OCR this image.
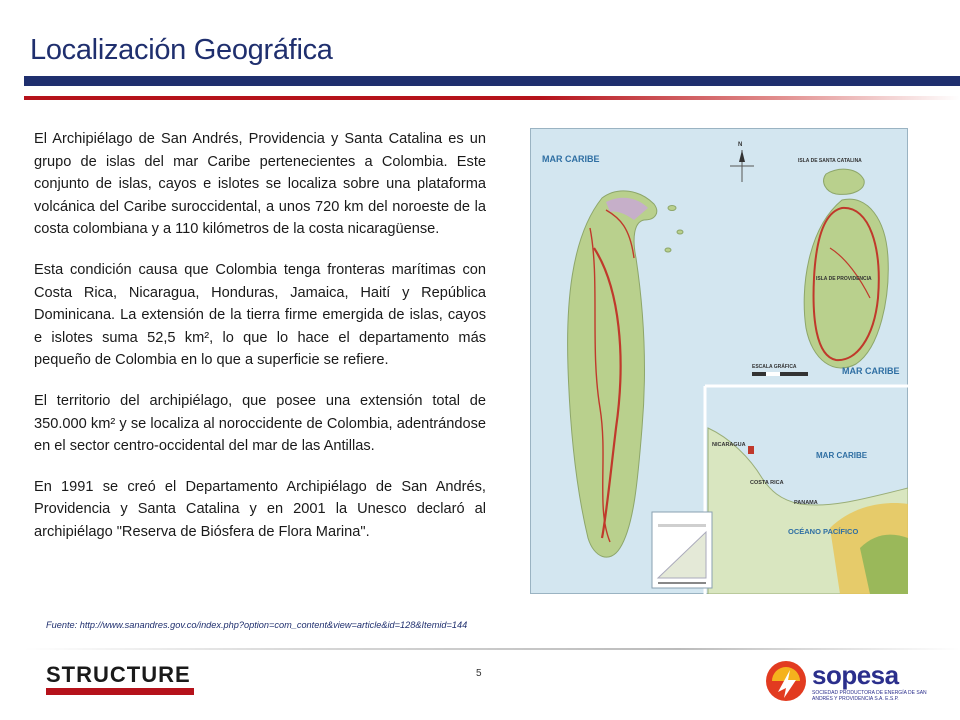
Localización Geográfica

El Archipiélago de San Andrés, Providencia y Santa Catalina es un grupo de islas del mar Caribe pertenecientes a Colombia. Este conjunto de islas, cayos e islotes se localiza sobre una plataforma volcánica del Caribe suroccidental, a unos 720 km del noroeste de la costa colombiana y a 110 kilómetros de la costa nicaragüense.

Esta condición causa que Colombia tenga fronteras marítimas con Costa Rica, Nicaragua, Honduras, Jamaica, Haití y República Dominicana. La extensión de la tierra firme emergida de islas, cayos e islotes suma 52,5 km², lo que lo hace el departamento más pequeño de Colombia en lo que a superficie se refiere.

El territorio del archipiélago, que posee una extensión total de 350.000 km² y se localiza al noroccidente de Colombia, adentrándose en el sector centro-occidental del mar de las Antillas.

En 1991 se creó el Departamento Archipiélago de San Andrés, Providencia y Santa Catalina y en 2001 la Unesco declaró al archipiélago "Reserva de Biósfera de Flora Marina".

MAR CARIBE
MAR CARIBE
MAR CARIBE
OCÉANO PACÍFICO
ISLA DE SANTA CATALINA
ISLA DE PROVIDENCIA
ESCALA GRÁFICA
NICARAGUA
COSTA RICA
PANAMA
N
Fuente: http://www.sanandres.gov.co/index.php?option=com_content&view=article&id=128&Itemid=144
5
STRUCTURE	sopesa
SOCIEDAD PRODUCTORA DE ENERGÍA DE SAN ANDRÉS Y PROVIDENCIA S.A. E.S.P.
